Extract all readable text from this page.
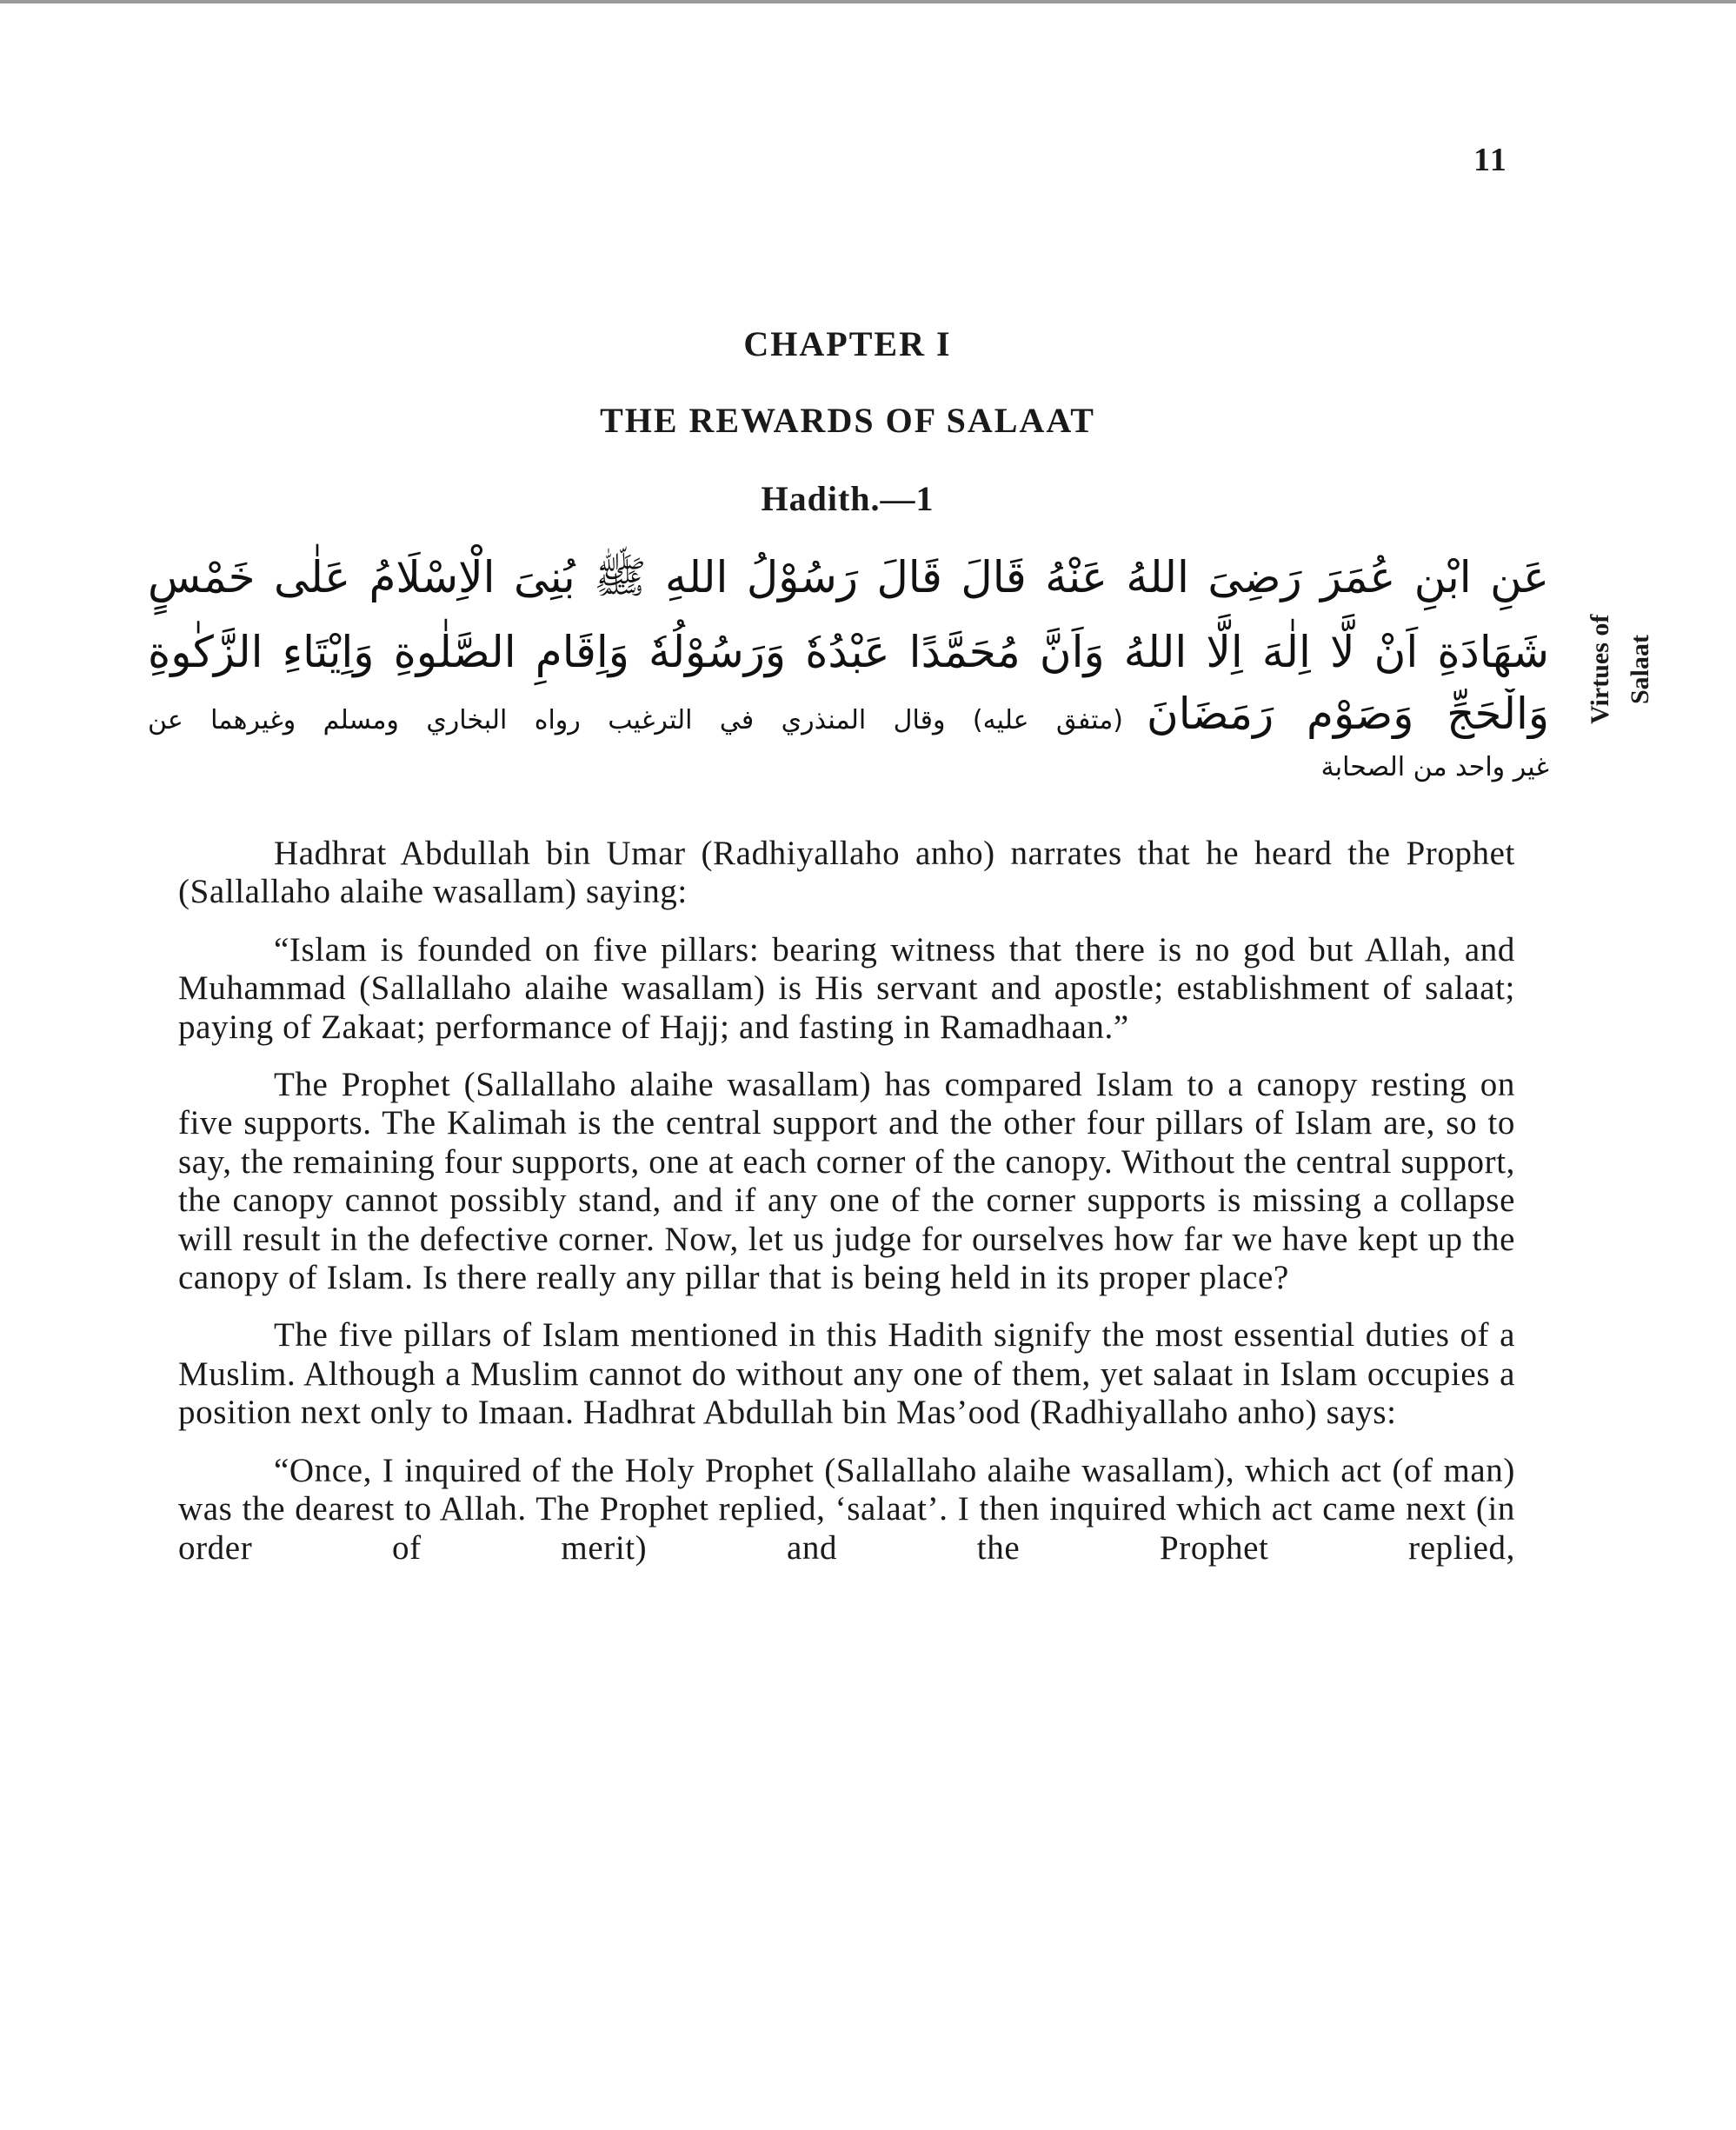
11
CHAPTER I
THE REWARDS OF SALAAT
Hadith.—1
عَنِ ابْنِ عُمَرَ رَضِىَ اللهُ عَنْهُ قَالَ قَالَ رَسُوْلُ اللهِ ﷺ بُنِىَ الْاِسْلَامُ عَلٰى خَمْسٍ
شَهَادَةِ اَنْ لَّا اِلٰهَ اِلَّا اللهُ وَاَنَّ مُحَمَّدًا عَبْدُهٗ وَرَسُوْلُهٗ وَاِقَامِ الصَّلٰوةِ وَاِيْتَاءِ الزَّكٰوةِ
وَالْحَجِّ وَصَوْمِ رَمَضَانَ (متفق عليه) وقال المنذري في الترغيب رواه البخاري ومسلم وغيرهما عن
غير واحد من الصحابة
Virtues of Salaat

Hadhrat Abdullah bin Umar (Radhiyallaho anho) narrates that he heard the Prophet (Sallallaho alaihe wasallam) saying:

“Islam is founded on five pillars: bearing witness that there is no god but Allah, and Muhammad (Sallallaho alaihe wasallam) is His servant and apostle; establishment of salaat; paying of Zakaat; performance of Hajj; and fasting in Ramadhaan.”

The Prophet (Sallallaho alaihe wasallam) has compared Islam to a canopy resting on five supports. The Kalimah is the central support and the other four pillars of Islam are, so to say, the remaining four supports, one at each corner of the canopy. Without the central support, the canopy cannot possibly stand, and if any one of the corner supports is missing a collapse will result in the defective corner. Now, let us judge for ourselves how far we have kept up the canopy of Islam. Is there really any pillar that is being held in its proper place?

The five pillars of Islam mentioned in this Hadith signify the most essential duties of a Muslim. Although a Muslim cannot do without any one of them, yet salaat in Islam occupies a position next only to Imaan. Hadhrat Abdullah bin Mas’ood (Radhiyallaho anho) says:

“Once, I inquired of the Holy Prophet (Sallallaho alaihe wasallam), which act (of man) was the dearest to Allah. The Prophet replied, ‘salaat’. I then inquired which act came next (in order of merit) and the Prophet replied,
